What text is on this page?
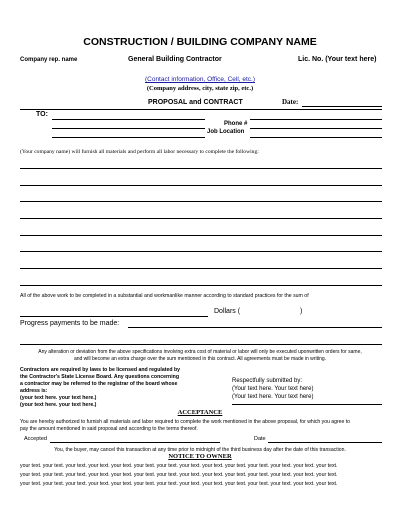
CONSTRUCTION / BUILDING COMPANY NAME
Company rep. name	General Building Contractor	Lic. No. (Your text here)
(Contact information, Office, Cell, etc.)
(Company address, city, state zip, etc.)
PROPOSAL and CONTRACT	Date:
TO:
Phone #
Job Location
(Your company name) will furnish all materials and perform all labor necessary to complete the following:
All of the above work to be completed in a substantial and workmanlike manner according to standard practices for the sum of
Dollars (	)
Progress payments to be made:
Any alteration or deviation from the above specifications involving extra cost of material or labor will only be executed uponwritten orders for same,
and will become an extra charge over the sum mentioned in this contract. All agreements must be made in writing.
Contractors are required by laws to be licensed and regulated by
the Contractor's State License Board. Any questions concerning
a contractor may be referred to the registrar of the board whose
address is:
(your text here. your text here.)
(your text here. your text here.)
Respectfully submitted by:
(Your text here. Your text here)
(Your text here. Your text here)
ACCEPTANCE
You are hereby authorized to furnish all materials and labor required to complete the work mentioned in the above proposal, for which you agree to
pay the amount mentioned in said proposal and according to the terms thereof.
Accepted	Date
You, the buyer, may cancel this transaction at any time prior to midnight of the third business day after the date of this transaction.
NOTICE TO OWNER
your text. your text. your text. your text. your text. your text. your text. your text. your text. your text. your text. your text. your text. your text.
your text. your text. your text. your text. your text. your text. your text. your text. your text. your text. your text. your text. your text. your text.
your text. your text. your text. your text. your text. your text. your text. your text. your text. your text. your text. your text. your text. your text.
